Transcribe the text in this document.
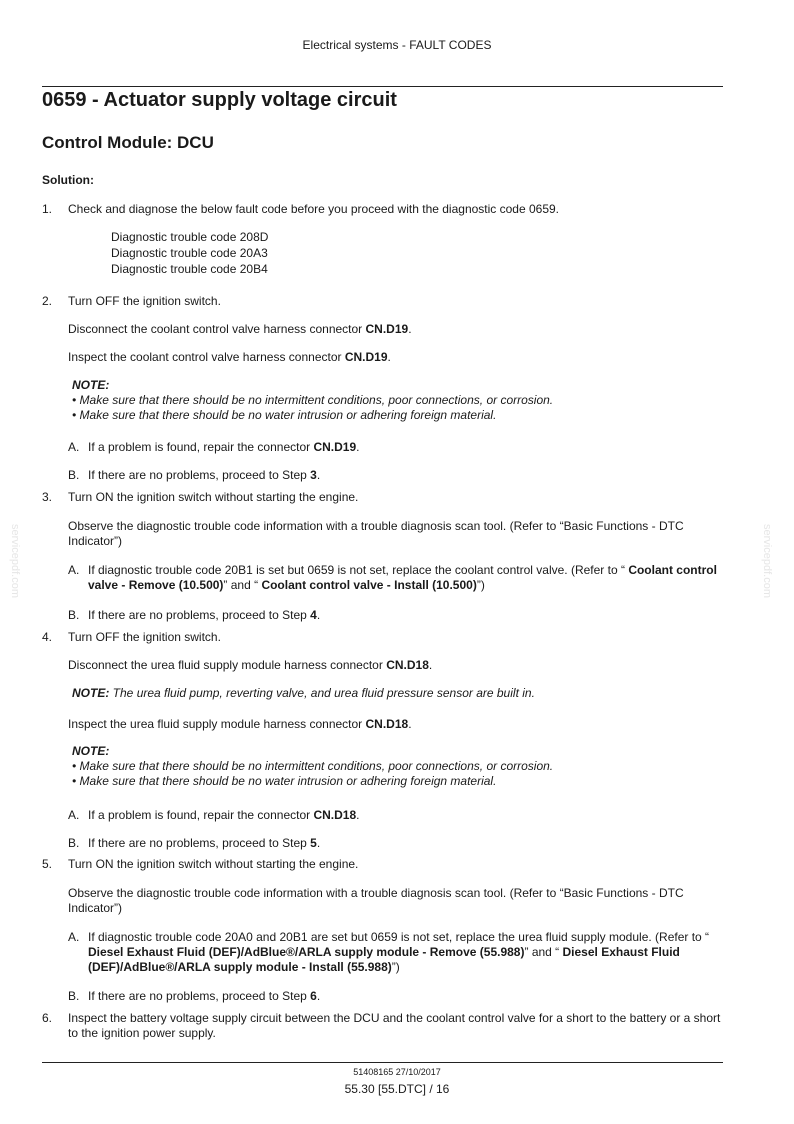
Electrical systems - FAULT CODES
0659 - Actuator supply voltage circuit
Control Module: DCU
Solution:
1. Check and diagnose the below fault code before you proceed with the diagnostic code 0659.
Diagnostic trouble code 208D
Diagnostic trouble code 20A3
Diagnostic trouble code 20B4
2. Turn OFF the ignition switch.
Disconnect the coolant control valve harness connector CN.D19.
Inspect the coolant control valve harness connector CN.D19.
NOTE:
• Make sure that there should be no intermittent conditions, poor connections, or corrosion.
• Make sure that there should be no water intrusion or adhering foreign material.
A. If a problem is found, repair the connector CN.D19.
B. If there are no problems, proceed to Step 3.
3. Turn ON the ignition switch without starting the engine.
Observe the diagnostic trouble code information with a trouble diagnosis scan tool. (Refer to “Basic Functions - DTC Indicator”)
A. If diagnostic trouble code 20B1 is set but 0659 is not set, replace the coolant control valve. (Refer to “ Coolant control valve - Remove (10.500)” and “ Coolant control valve - Install (10.500)”)
B. If there are no problems, proceed to Step 4.
4. Turn OFF the ignition switch.
Disconnect the urea fluid supply module harness connector CN.D18.
NOTE: The urea fluid pump, reverting valve, and urea fluid pressure sensor are built in.
Inspect the urea fluid supply module harness connector CN.D18.
NOTE:
• Make sure that there should be no intermittent conditions, poor connections, or corrosion.
• Make sure that there should be no water intrusion or adhering foreign material.
A. If a problem is found, repair the connector CN.D18.
B. If there are no problems, proceed to Step 5.
5. Turn ON the ignition switch without starting the engine.
Observe the diagnostic trouble code information with a trouble diagnosis scan tool. (Refer to “Basic Functions - DTC Indicator”)
A. If diagnostic trouble code 20A0 and 20B1 are set but 0659 is not set, replace the urea fluid supply module. (Refer to “ Diesel Exhaust Fluid (DEF)/AdBlue®/ARLA supply module - Remove (55.988)” and “ Diesel Exhaust Fluid (DEF)/AdBlue®/ARLA supply module - Install (55.988)”)
B. If there are no problems, proceed to Step 6.
6. Inspect the battery voltage supply circuit between the DCU and the coolant control valve for a short to the battery or a short to the ignition power supply.
servicepdf.com	servicepdf.com
51408165 27/10/2017
55.30 [55.DTC] / 16
